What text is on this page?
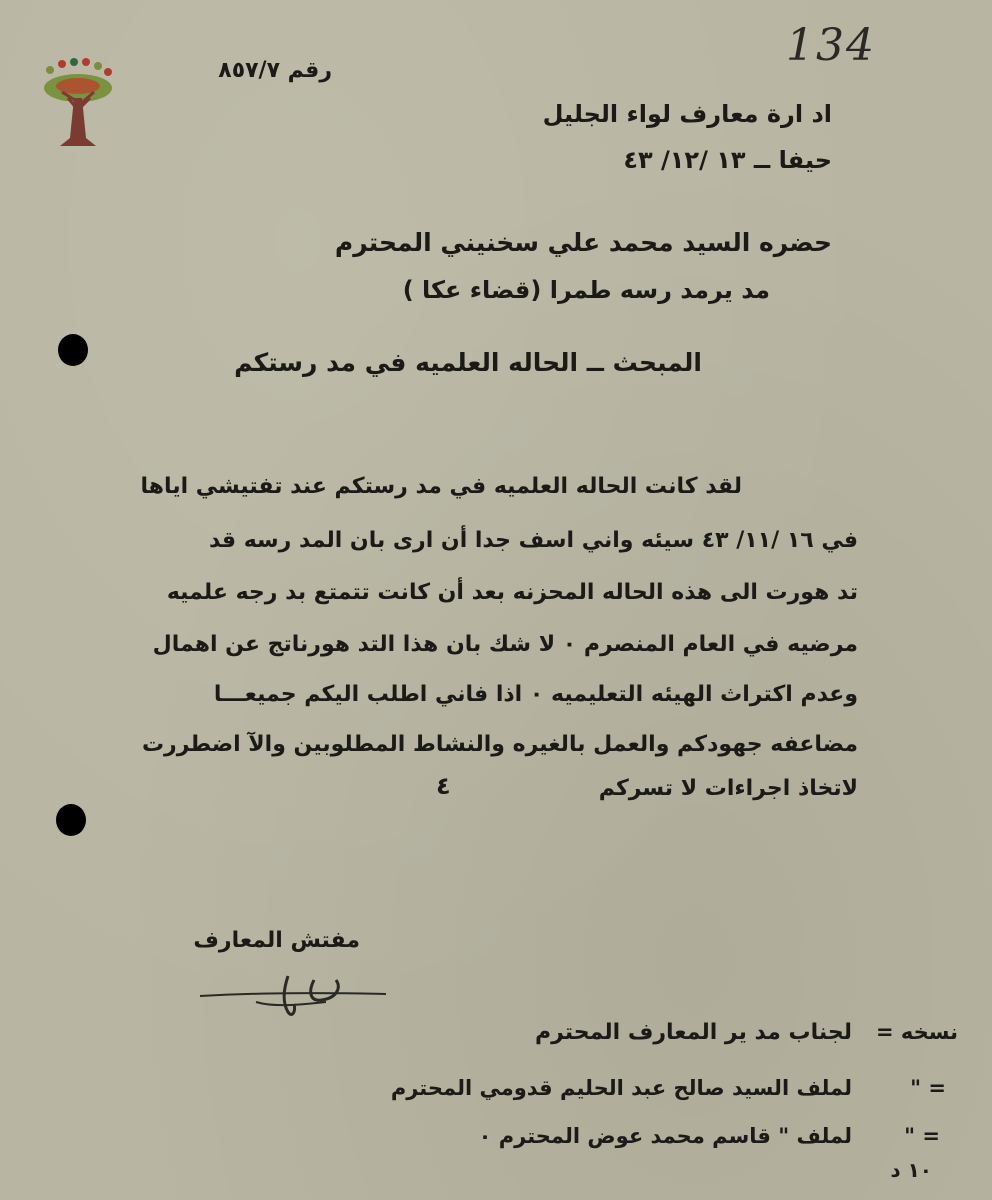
134
رقم ٨٥٧/٧
اد ارة معارف لواء الجليل
حيفا ــ ١٣ /١٢/ ٤٣
حضره السيد محمد علي سخنيني المحترم
مد يرمد رسه طمرا (قضاء عكا )
المبحث ــ الحاله العلميه في مد رستكم
لقد كانت الحاله العلميه في مد رستكم عند تفتيشي اياها
في ١٦ /١١/ ٤٣ سيئه واني اسف جدا أن ارى بان المد رسه قد
تد هورت الى هذه الحاله المحزنه بعد أن كانت تتمتع بد رجه علميه
مرضيه في العام المنصرم ٠ لا شك بان هذا التد هورناتج عن اهمال
وعدم اكتراث الهيئه التعليميه ٠ اذا فاني اطلب اليكم جميعـــا
مضاعفه جهودكم والعمل بالغيره والنشاط المطلوبين والآ اضطررت
لاتخاذ اجراءات لا تسركم
٤
مفتش المعارف
نسخه =
لجناب مد ير المعارف المحترم
" =
لملف السيد صالح عبد الحليم قدومي المحترم
" =
لملف " قاسم محمد عوض المحترم ٠
١٠ د
